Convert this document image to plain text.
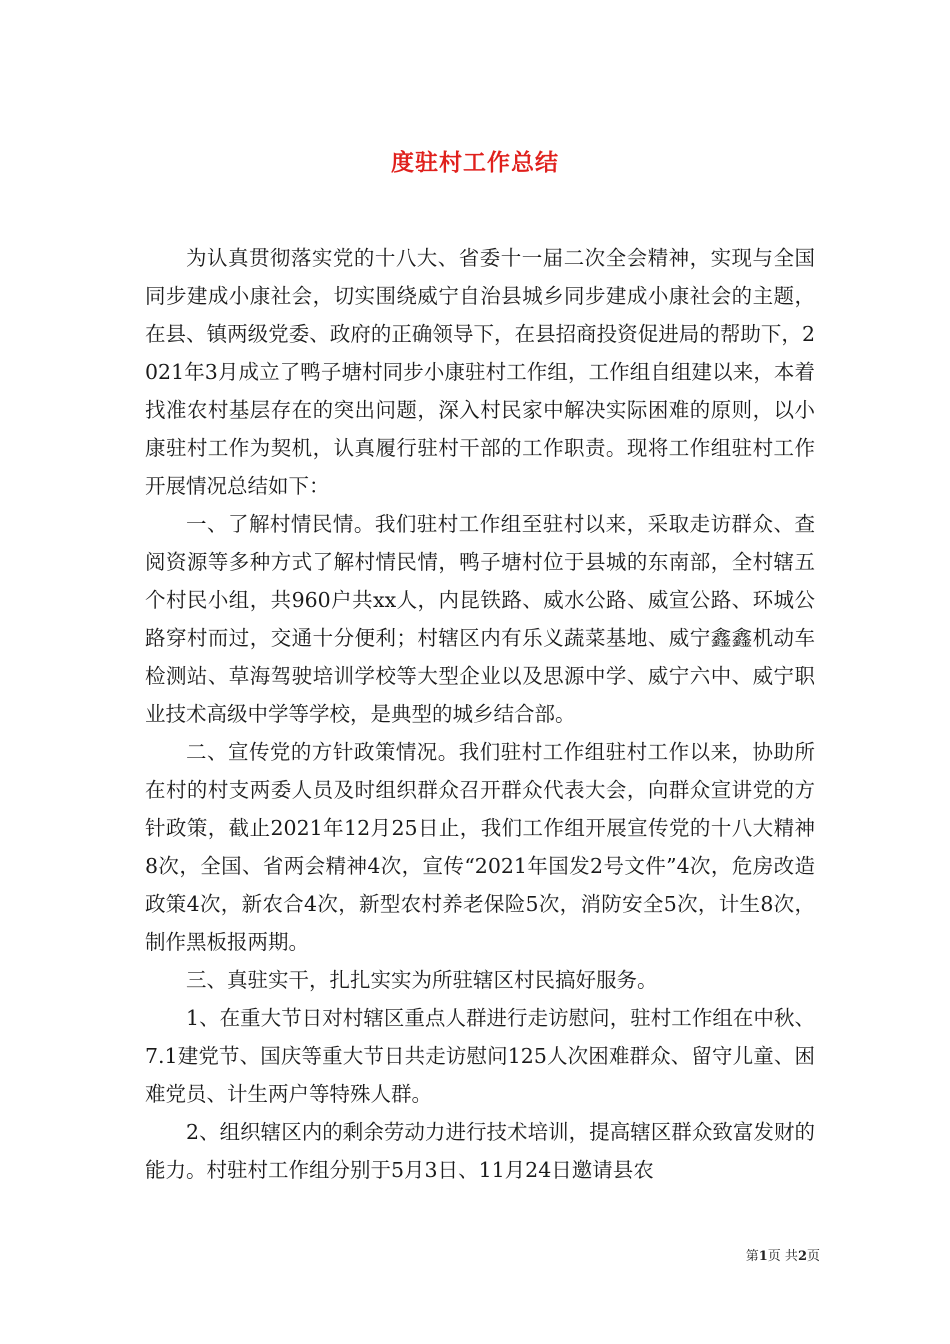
度驻村工作总结

为认真贯彻落实党的十八大、省委十一届二次全会精神，实现与全国同步建成小康社会，切实围绕威宁自治县城乡同步建成小康社会的主题，在县、镇两级党委、政府的正确领导下，在县招商投资促进局的帮助下，2021年3月成立了鸭子塘村同步小康驻村工作组，工作组自组建以来，本着找准农村基层存在的突出问题，深入村民家中解决实际困难的原则，以小康驻村工作为契机，认真履行驻村干部的工作职责。现将工作组驻村工作开展情况总结如下：

一、了解村情民情。我们驻村工作组至驻村以来，采取走访群众、查阅资源等多种方式了解村情民情，鸭子塘村位于县城的东南部，全村辖五个村民小组，共960户共xx人，内昆铁路、威水公路、威宣公路、环城公路穿村而过，交通十分便利；村辖区内有乐义蔬菜基地、威宁鑫鑫机动车检测站、草海驾驶培训学校等大型企业以及思源中学、威宁六中、威宁职业技术高级中学等学校，是典型的城乡结合部。

二、宣传党的方针政策情况。我们驻村工作组驻村工作以来，协助所在村的村支两委人员及时组织群众召开群众代表大会，向群众宣讲党的方针政策，截止2021年12月25日止，我们工作组开展宣传党的十八大精神8次，全国、省两会精神4次，宣传“2021年国发2号文件”4次，危房改造政策4次，新农合4次，新型农村养老保险5次，消防安全5次，计生8次，制作黑板报两期。

三、真驻实干，扎扎实实为所驻辖区村民搞好服务。

1、在重大节日对村辖区重点人群进行走访慰问，驻村工作组在中秋、7.1建党节、国庆等重大节日共走访慰问125人次困难群众、留守儿童、困难党员、计生两户等特殊人群。

2、组织辖区内的剩余劳动力进行技术培训，提高辖区群众致富发财的能力。村驻村工作组分别于5月3日、11月24日邀请县农

第1页 共2页
